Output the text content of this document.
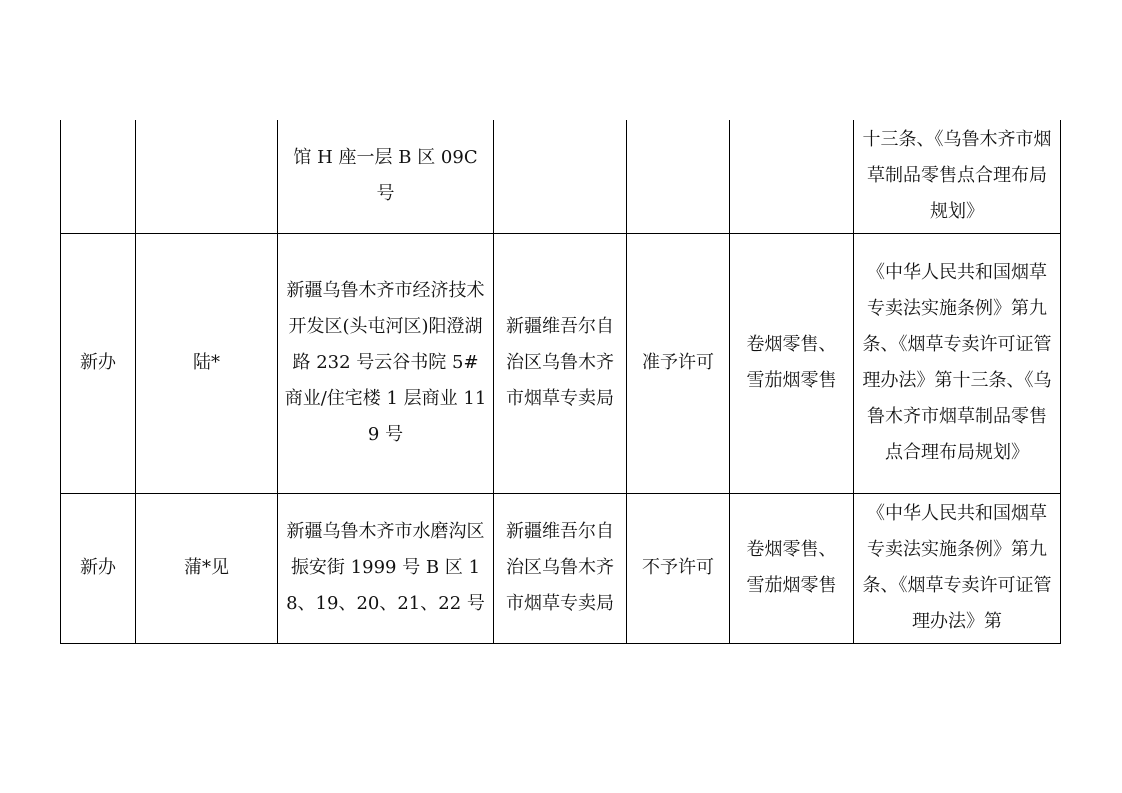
		馆 H 座一层 B 区 09C 号				十三条、《乌鲁木齐市烟草制品零售点合理布局规划》
新办	陆*	新疆乌鲁木齐市经济技术开发区(头屯河区)阳澄湖路 232 号云谷书院 5#商业/住宅楼 1 层商业 119 号	新疆维吾尔自治区乌鲁木齐市烟草专卖局	准予许可	卷烟零售、雪茄烟零售	《中华人民共和国烟草专卖法实施条例》第九条、《烟草专卖许可证管理办法》第十三条、《乌鲁木齐市烟草制品零售点合理布局规划》
新办	蒲*见	新疆乌鲁木齐市水磨沟区振安街 1999 号 B 区 18、19、20、21、22 号	新疆维吾尔自治区乌鲁木齐市烟草专卖局	不予许可	卷烟零售、雪茄烟零售	《中华人民共和国烟草专卖法实施条例》第九条、《烟草专卖许可证管理办法》第
